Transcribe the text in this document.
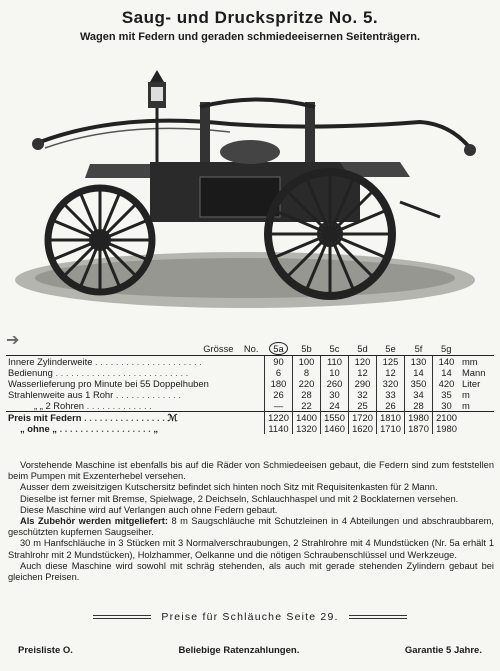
Saug- und Druckspritze No. 5.
Wagen mit Federn und geraden schmiedeeisernen Seitenträgern.
➔	Grösse No.	5a	5b	5c	5d	5e	5f	5g	
Innere Zylinderweite . . . . . . . . . . . . . . . . . . . . .	90	100	110	120	125	130	140	mm
Bedienung . . . . . . . . . . . . . . . . . . . . . . . . . .	6	8	10	12	12	14	14	Mann
Wasserlieferung pro Minute bei 55 Doppelhuben	180	220	260	290	320	350	420	Liter
Strahlenweite aus 1 Rohr . . . . . . . . . . . . .	26	28	30	32	33	34	35	m
„ „ 2 Rohren . . . . . . . . . . . . .	—	22	24	25	26	28	30	m
Preis mit Federn . . . . . . . . . . . . . . . . ℳ	1220	1400	1550	1720	1810	1980	2100	
„ ohne „ . . . . . . . . . . . . . . . . . . „	1140	1320	1460	1620	1710	1870	1980	

Vorstehende Maschine ist ebenfalls bis auf die Räder von Schmiedeeisen gebaut, die Federn sind zum feststellen beim Pumpen mit Exzenterhebel versehen.

Ausser dem zweisitzigen Kutschersitz befindet sich hinten noch Sitz mit Requisitenkasten für 2 Mann.

Dieselbe ist ferner mit Bremse, Spielwage, 2 Deichseln, Schlauchhaspel und mit 2 Bocklaternen versehen.

Diese Maschine wird auf Verlangen auch ohne Federn gebaut.

Als Zubehör werden mitgeliefert: 8 m Saugschläuche mit Schutzleinen in 4 Abteilungen und abschraubbarem, geschützten kupfernen Saugseiher.

30 m Hanfschläuche in 3 Stücken mit 3 Normalverschraubungen, 2 Strahlrohre mit 4 Mundstücken (Nr. 5a erhält 1 Strahlrohr mit 2 Mundstücken), Holzhammer, Oelkanne und die nötigen Schraubenschlüssel und Werkzeuge.

Auch diese Maschine wird sowohl mit schräg stehenden, als auch mit gerade stehenden Zylindern gebaut bei gleichen Preisen.

Preise für Schläuche Seite 29.
Preisliste O.	Beliebige Ratenzahlungen.	Garantie 5 Jahre.
